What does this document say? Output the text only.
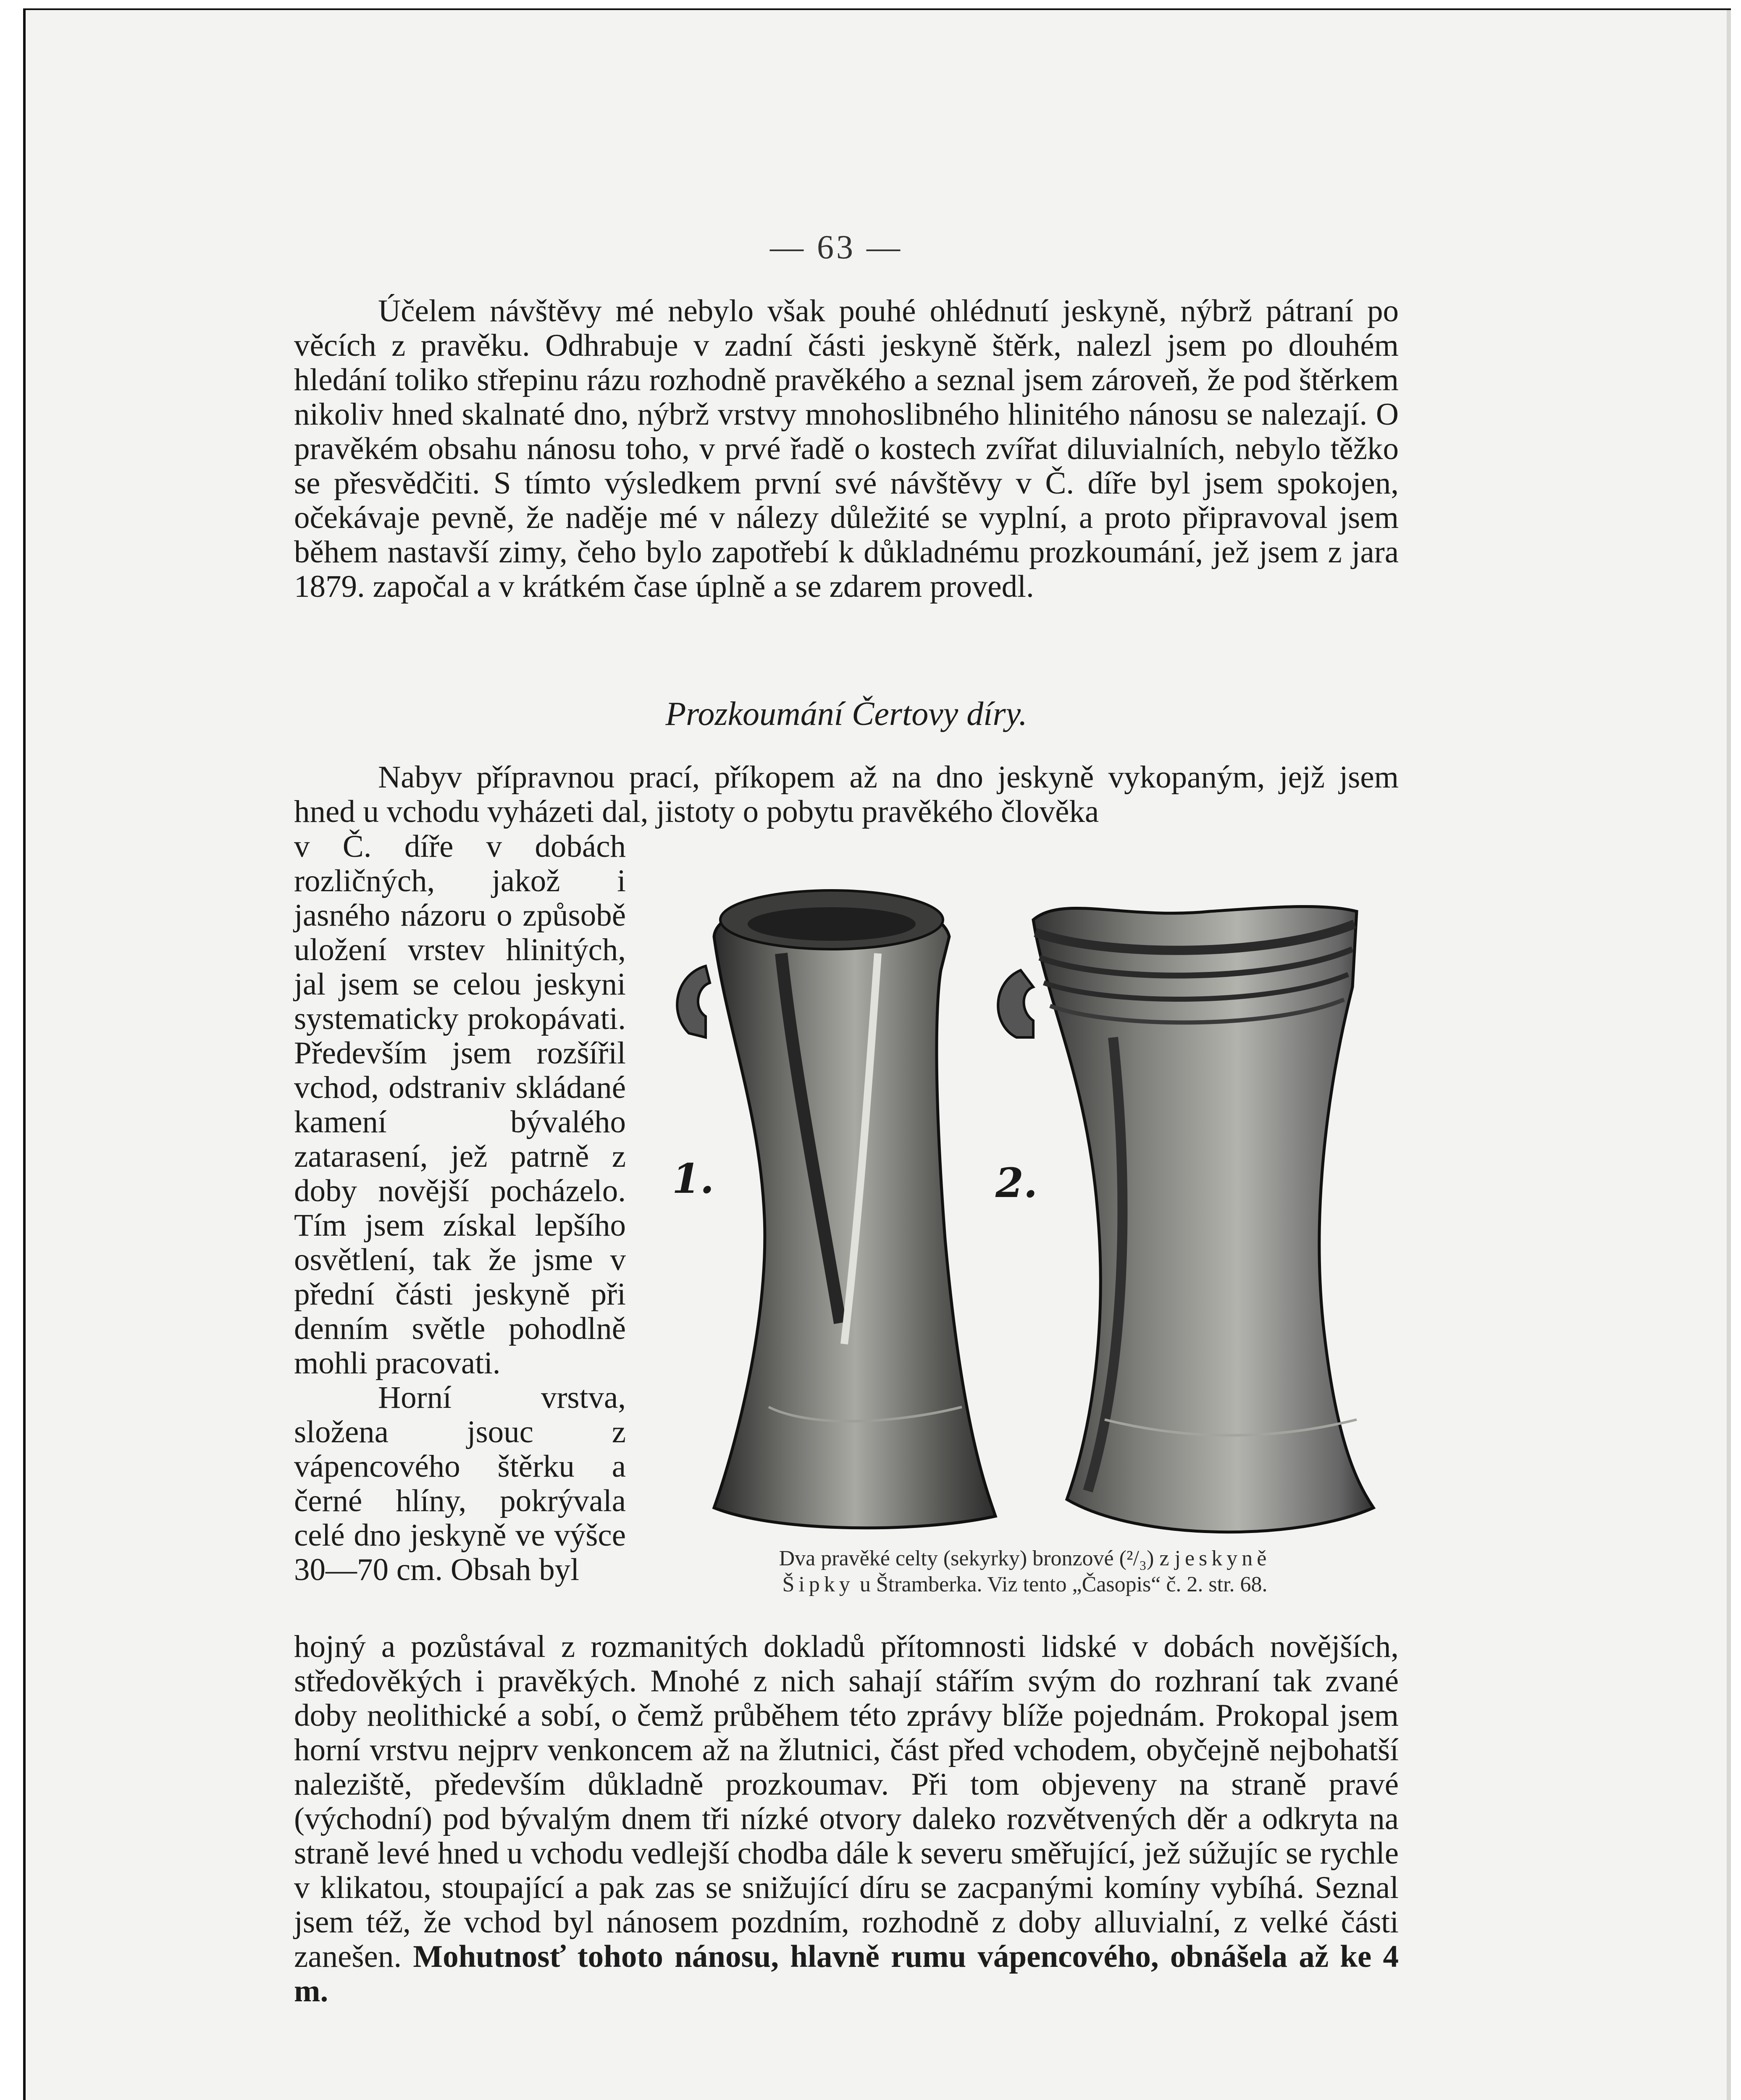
— 63 —

Účelem návštěvy mé nebylo však pouhé ohlédnutí jeskyně, nýbrž pátraní po věcích z pravěku. Odhrabuje v zadní části jeskyně štěrk, nalezl jsem po dlouhém hledání toliko střepinu rázu rozhodně pravěkého a seznal jsem zároveň, že pod štěrkem nikoliv hned skalnaté dno, nýbrž vrstvy mnohoslibného hlinitého nánosu se nalezají. O pravěkém obsahu nánosu toho, v prvé řadě o kostech zvířat diluvialních, nebylo těžko se přesvědčiti. S tímto výsledkem první své návštěvy v Č. díře byl jsem spokojen, očekávaje pevně, že naděje mé v nálezy důležité se vyplní, a proto připravoval jsem během nastavší zimy, čeho bylo zapotřebí k důkladnému prozkoumání, jež jsem z jara 1879. započal a v krátkém čase úplně a se zdarem provedl.

Prozkoumání Čertovy díry.

Nabyv přípravnou prací, příkopem až na dno jeskyně vykopaným, jejž jsem hned u vchodu vyházeti dal, jistoty o pobytu pravěkého člověka

v Č. díře v dobách rozličných, jakož i jasného názoru o způsobě uložení vrstev hlinitých, jal jsem se celou jeskyni systematicky prokopávati. Především jsem rozšířil vchod, odstraniv skládané kamení bývalého zatarasení, jež patrně z doby novější pocházelo. Tím jsem získal lepšího osvětlení, tak že jsme v přední části jeskyně při denním světle pohodlně mohli pracovati.

Horní vrstva, složena jsouc z vápencového štěrku a černé hlíny, pokrývala celé dno jeskyně ve výšce 30—70 cm. Obsah byl

1.	2.
Dva pravěké celty (sekyrky) bronzové (²/₃) z jeskyně
Šipky u Štramberka. Viz tento „Časopis“ č. 2. str. 68.

hojný a pozůstával z rozmanitých dokladů přítomnosti lidské v dobách novějších, středověkých i pravěkých. Mnohé z nich sahají stářím svým do rozhraní tak zvané doby neolithické a sobí, o čemž průběhem této zprávy blíže pojednám. Prokopal jsem horní vrstvu nejprv venkoncem až na žlutnici, část před vchodem, obyčejně nejbohatší naleziště, především důkladně prozkoumav. Při tom objeveny na straně pravé (východní) pod bývalým dnem tři nízké otvory daleko rozvětvených děr a odkryta na straně levé hned u vchodu vedlejší chodba dále k severu směřující, jež súžujíc se rychle v klikatou, stoupající a pak zas se snižující díru se zacpanými komíny vybíhá. Seznal jsem též, že vchod byl nánosem pozdním, rozhodně z doby alluvialní, z velké části zanešen. Mohutnosť tohoto nánosu, hlavně rumu vápencového, obnášela až ke 4 m.
